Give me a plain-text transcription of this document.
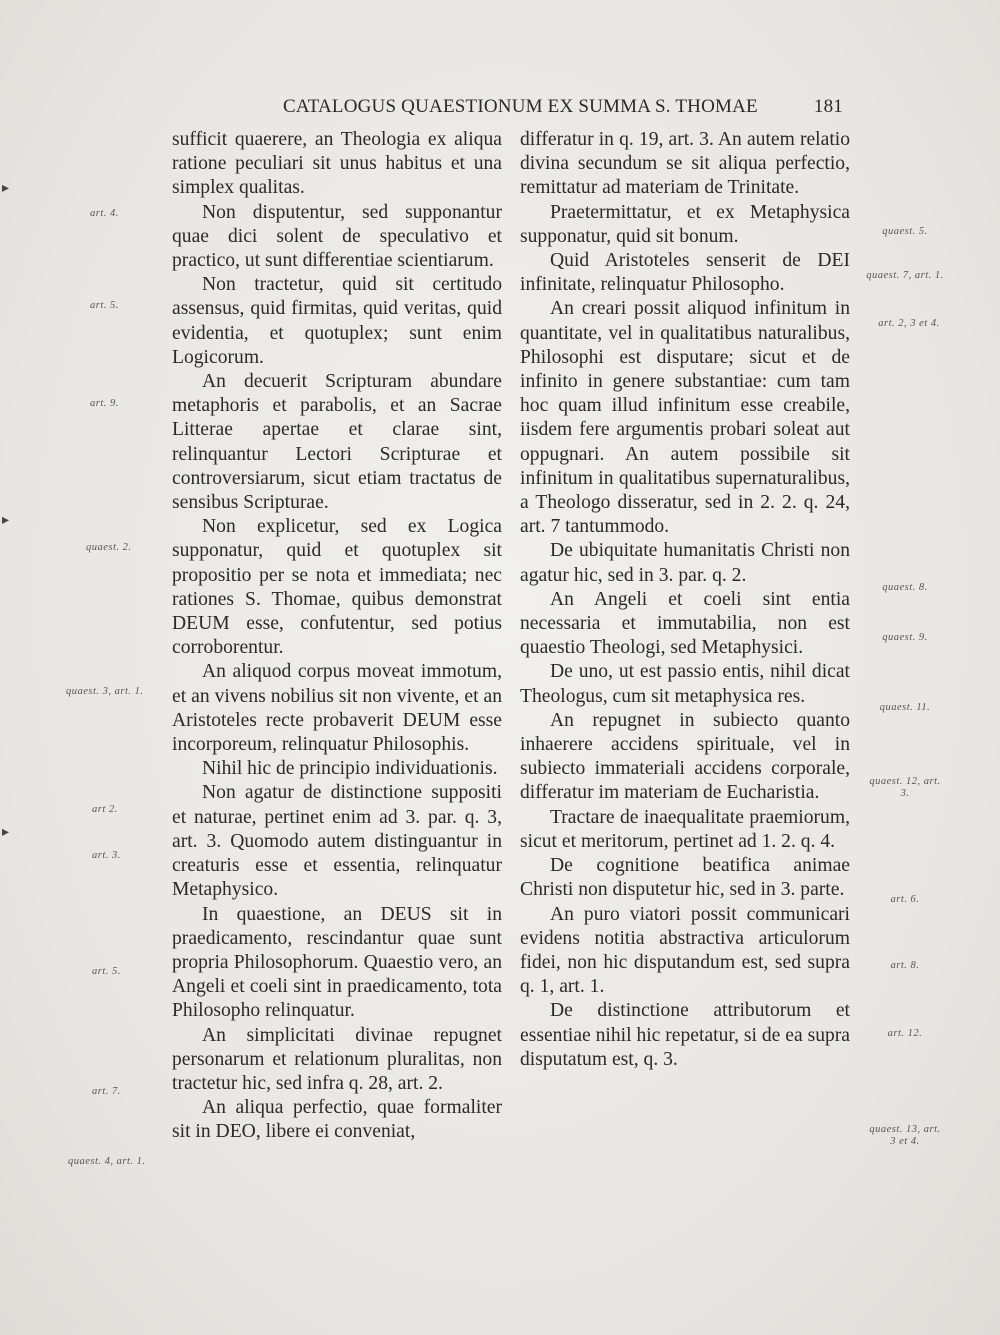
▸
▸
▸
CATALOGUS QUAESTIONUM EX SUMMA S. THOMAE	181
art. 4.
art. 5.
art. 9.
quaest. 2.
quaest. 3, art. 1.
art 2.
art. 3.
art. 5.
art. 7.
quaest. 4, art. 1.
quaest. 5.
quaest. 7, art. 1.
art. 2, 3 et 4.
quaest. 8.
quaest. 9.
quaest. 11.
quaest. 12, art. 3.
art. 6.
art. 8.
art. 12.
quaest. 13, art. 3 et 4.

sufficit quaerere, an Theologia ex aliqua ratione peculiari sit unus habitus et una simplex qualitas.

Non disputentur, sed supponantur quae dici solent de speculativo et practico, ut sunt differentiae scientiarum.

Non tractetur, quid sit certitudo assensus, quid firmitas, quid veritas, quid evidentia, et quotuplex; sunt enim Logicorum.

An decuerit Scripturam abundare metaphoris et parabolis, et an Sacrae Litterae apertae et clarae sint, relinquantur Lectori Scripturae et controversiarum, sicut etiam tractatus de sensibus Scripturae.

Non explicetur, sed ex Logica supponatur, quid et quotuplex sit propositio per se nota et immediata; nec rationes S. Thomae, quibus demonstrat DEUM esse, confutentur, sed potius corroborentur.

An aliquod corpus moveat immotum, et an vivens nobilius sit non vivente, et an Aristoteles recte probaverit DEUM esse incorporeum, relinquatur Philosophis.

Nihil hic de principio individuationis.

Non agatur de distinctione suppositi et naturae, pertinet enim ad 3. par. q. 3, art. 3. Quomodo autem distinguantur in creaturis esse et essentia, relinquatur Metaphysico.

In quaestione, an DEUS sit in praedicamento, rescindantur quae sunt propria Philosophorum. Quaestio vero, an Angeli et coeli sint in praedicamento, tota Philosopho relinquatur.

An simplicitati divinae repugnet personarum et relationum pluralitas, non tractetur hic, sed infra q. 28, art. 2.

An aliqua perfectio, quae formaliter sit in DEO, libere ei conveniat,

differatur in q. 19, art. 3. An autem relatio divina secundum se sit aliqua perfectio, remittatur ad materiam de Trinitate.

Praetermittatur, et ex Metaphysica supponatur, quid sit bonum.

Quid Aristoteles senserit de DEI infinitate, relinquatur Philosopho.

An creari possit aliquod infinitum in quantitate, vel in qualitatibus naturalibus, Philosophi est disputare; sicut et de infinito in genere substantiae: cum tam hoc quam illud infinitum esse creabile, iisdem fere argumentis probari soleat aut oppugnari. An autem possibile sit infinitum in qualitatibus supernaturalibus, a Theologo disseratur, sed in 2. 2. q. 24, art. 7 tantummodo.

De ubiquitate humanitatis Christi non agatur hic, sed in 3. par. q. 2.

An Angeli et coeli sint entia necessaria et immutabilia, non est quaestio Theologi, sed Metaphysici.

De uno, ut est passio entis, nihil dicat Theologus, cum sit metaphysica res.

An repugnet in subiecto quanto inhaerere accidens spirituale, vel in subiecto immateriali accidens corporale, differatur im materiam de Eucharistia.

Tractare de inaequalitate praemiorum, sicut et meritorum, pertinet ad 1. 2. q. 4.

De cognitione beatifica animae Christi non disputetur hic, sed in 3. parte.

An puro viatori possit communicari evidens notitia abstractiva articulorum fidei, non hic disputandum est, sed supra q. 1, art. 1.

De distinctione attributorum et essentiae nihil hic repetatur, si de ea supra disputatum est, q. 3.
